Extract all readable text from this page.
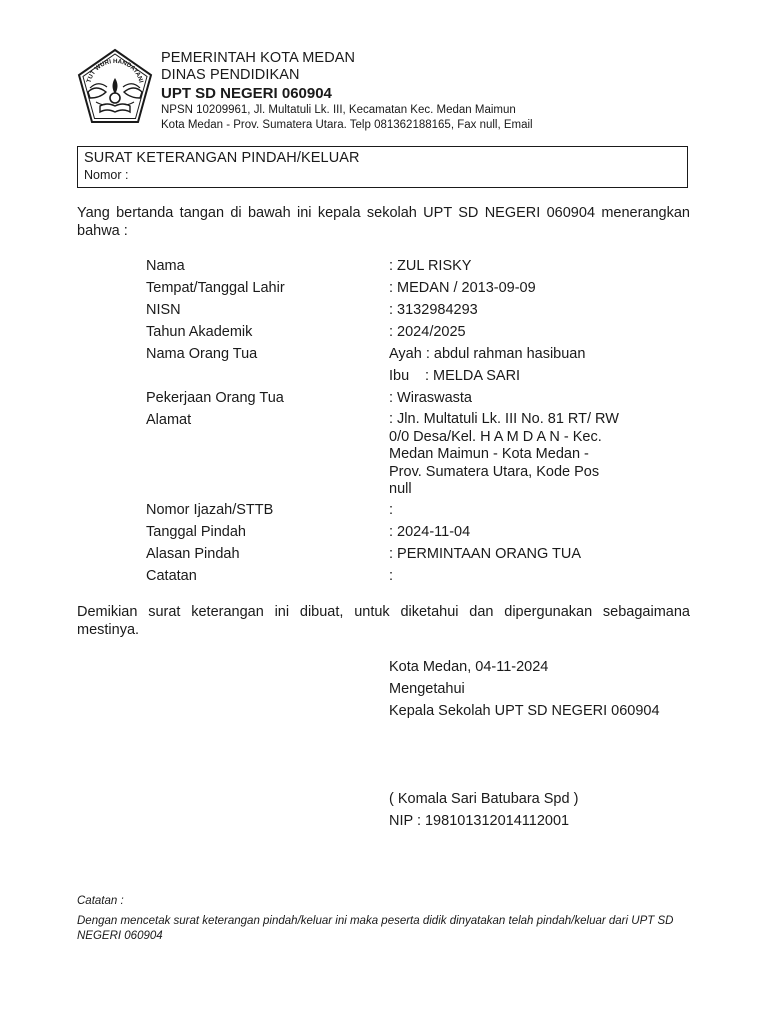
TUT WURI HANDAYANI
PEMERINTAH KOTA MEDAN
DINAS PENDIDIKAN
UPT SD NEGERI 060904
NPSN 10209961, Jl. Multatuli Lk. III, Kecamatan Kec. Medan Maimun
Kota Medan - Prov. Sumatera Utara. Telp 081362188165, Fax null, Email
SURAT KETERANGAN PINDAH/KELUAR
Nomor :
Yang bertanda tangan di bawah ini kepala sekolah UPT SD NEGERI 060904 menerangkan bahwa :
Nama	: ZUL RISKY
Tempat/Tanggal Lahir	: MEDAN / 2013-09-09
NISN	: 3132984293
Tahun Akademik	: 2024/2025
Nama Orang Tua	Ayah : abdul rahman hasibuan
Ibu : MELDA SARI
Pekerjaan Orang Tua	: Wiraswasta
Alamat	: Jln. Multatuli Lk. III No. 81 RT/ RW 0/0 Desa/Kel. H A M D A N - Kec. Medan Maimun - Kota Medan - Prov. Sumatera Utara, Kode Pos null
Nomor Ijazah/STTB	:
Tanggal Pindah	: 2024-11-04
Alasan Pindah	: PERMINTAAN ORANG TUA
Catatan	:
Demikian surat keterangan ini dibuat, untuk diketahui dan dipergunakan sebagaimana mestinya.
Kota Medan, 04-11-2024
Mengetahui
Kepala Sekolah UPT SD NEGERI 060904
( Komala Sari Batubara Spd )
NIP : 198101312014112001
Catatan :
Dengan mencetak surat keterangan pindah/keluar ini maka peserta didik dinyatakan telah pindah/keluar dari UPT SD NEGERI 060904
